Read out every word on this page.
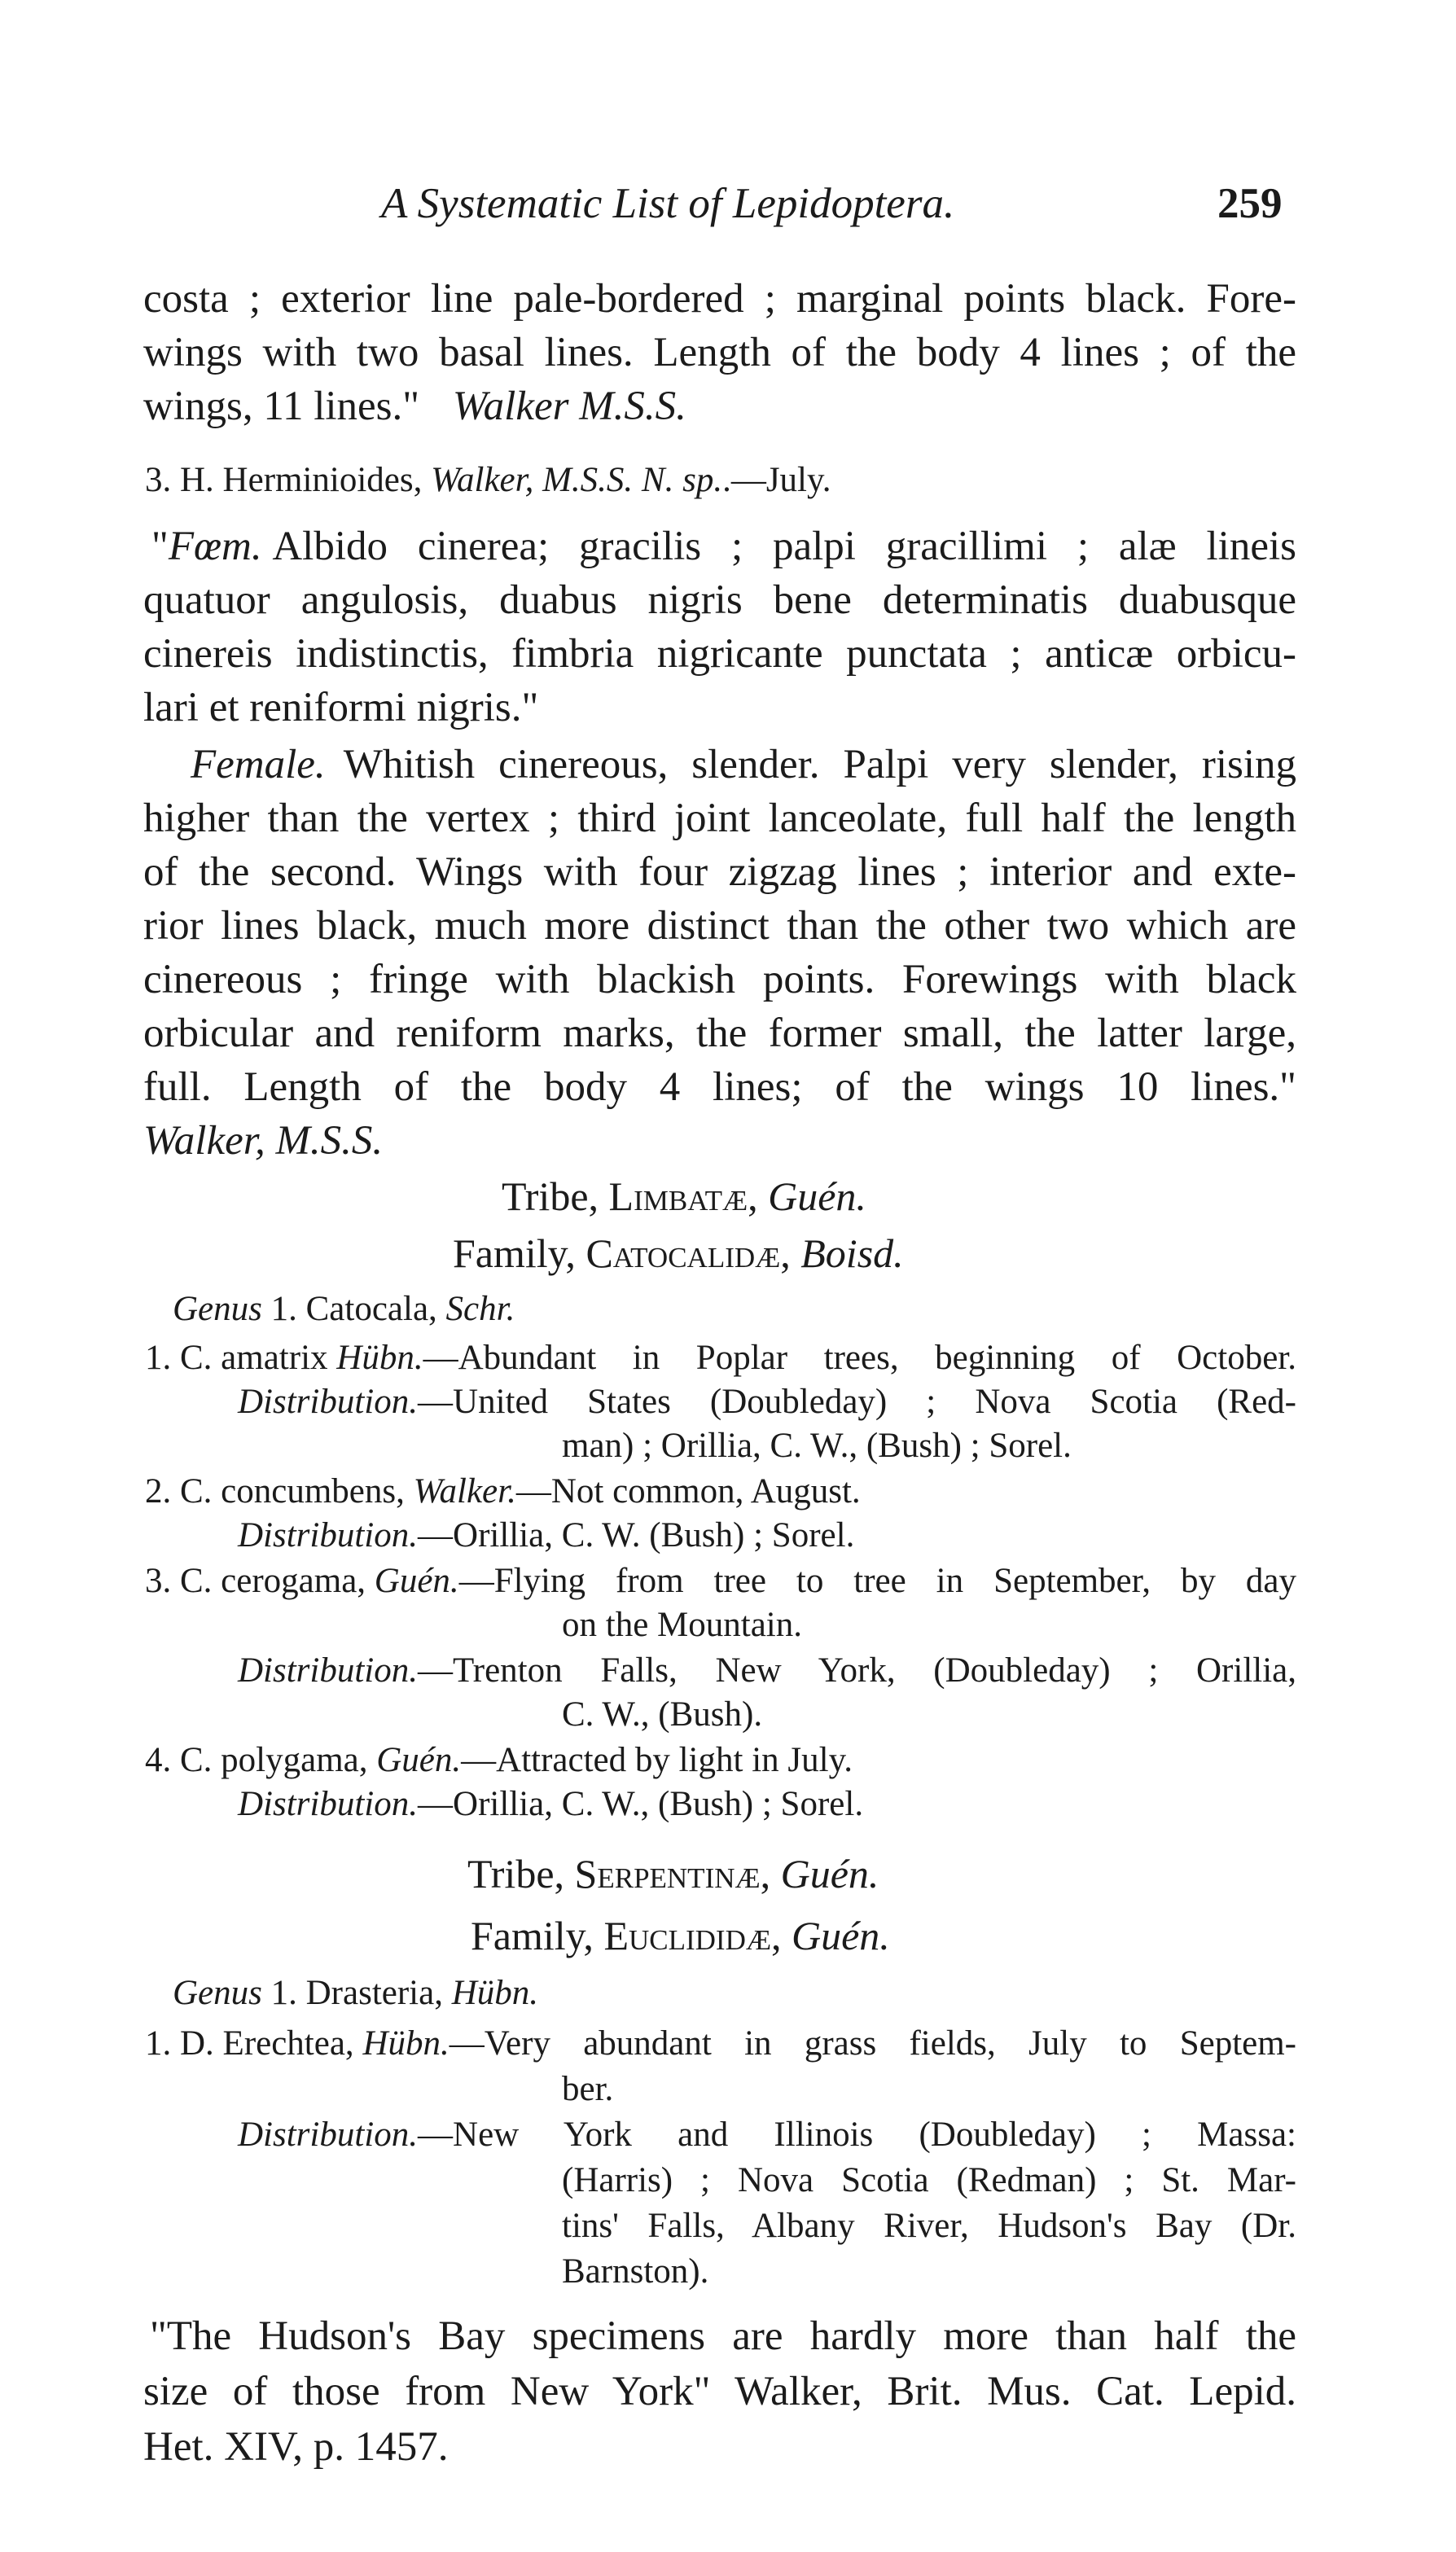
A Systematic List of Lepidoptera.	259
costa ; exterior line pale-bordered ; marginal points black. Fore-
wings with two basal lines. Length of the body 4 lines ; of the
wings, 11 lines." Walker M.S.S.
3. H. Herminioides, Walker, M.S.S. N. sp..—July.
"Fœm. Albido cinerea; gracilis ; palpi gracillimi ; alæ lineis
quatuor angulosis, duabus nigris bene determinatis duabusque
cinereis indistinctis, fimbria nigricante punctata ; anticæ orbicu-
lari et reniformi nigris."
Female. Whitish cinereous, slender. Palpi very slender, rising
higher than the vertex ; third joint lanceolate, full half the length
of the second. Wings with four zigzag lines ; interior and exte-
rior lines black, much more distinct than the other two which are
cinereous ; fringe with blackish points. Forewings with black
orbicular and reniform marks, the former small, the latter large,
full. Length of the body 4 lines; of the wings 10 lines."
Walker, M.S.S.
Tribe, Limbatæ, Guén.
Family, Catocalidæ, Boisd.
Genus 1. Catocala, Schr.
1. C. amatrix
Hübn. —Abundant in Poplar trees, beginning of October.
Distribution. —United States (Doubleday) ; Nova Scotia (Red-
man) ; Orillia, C. W., (Bush) ; Sorel.
2. C. concumbens, Walker.—Not common, August.
Distribution.—Orillia, C. W. (Bush) ; Sorel.
3. C. cerogama,
Guén. —Flying from tree to tree in September, by day
on the Mountain.
Distribution. —Trenton Falls, New York, (Doubleday) ; Orillia,
C. W., (Bush).
4. C. polygama, Guén.—Attracted by light in July.
Distribution.—Orillia, C. W., (Bush) ; Sorel.
Tribe, Serpentinæ, Guén.
Family, Euclididæ, Guén.
Genus 1. Drasteria, Hübn.
1. D. Erechtea,
Hübn. —Very abundant in grass fields, July to Septem-
ber.
Distribution. —New York and Illinois (Doubleday) ; Massa:
(Harris) ; Nova Scotia (Redman) ; St. Mar-
tins' Falls, Albany River, Hudson's Bay (Dr.
Barnston).
"The Hudson's Bay specimens are hardly more than half the
size of those from New York" Walker, Brit. Mus. Cat. Lepid.
Het. XIV, p. 1457.
